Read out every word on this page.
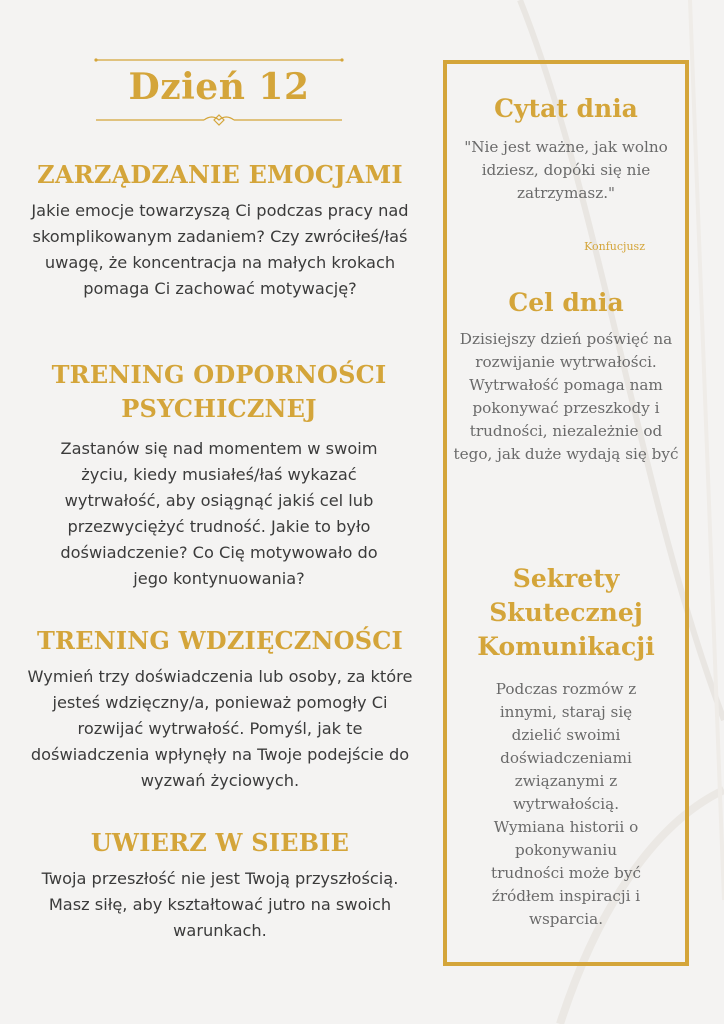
Dzień 12
ZARZĄDZANIE EMOCJAMI

Jakie emocje towarzyszą Ci podczas pracy nad skomplikowanym zadaniem? Czy zwróciłeś/łaś uwagę, że koncentracja na małych krokach pomaga Ci zachować motywację?

TRENING ODPORNOŚCI PSYCHICZNEJ

Zastanów się nad momentem w swoim życiu, kiedy musiałeś/łaś wykazać wytrwałość, aby osiągnąć jakiś cel lub przezwyciężyć trudność. Jakie to było doświadczenie? Co Cię motywowało do jego kontynuowania?

TRENING WDZIĘCZNOŚCI

Wymień trzy doświadczenia lub osoby, za które jesteś wdzięczny/a, ponieważ pomogły Ci rozwijać wytrwałość. Pomyśl, jak te doświadczenia wpłynęły na Twoje podejście do wyzwań życiowych.

UWIERZ W SIEBIE

Twoja przeszłość nie jest Twoją przyszłością. Masz siłę, aby kształtować jutro na swoich warunkach.

Cytat dnia

"Nie jest ważne, jak wolno idziesz, dopóki się nie zatrzymasz."

Konfucjusz
Cel dnia

Dzisiejszy dzień poświęć na rozwijanie wytrwałości. Wytrwałość pomaga nam pokonywać przeszkody i trudności, niezależnie od tego, jak duże wydają się być

Sekrety Skutecznej Komunikacji

Podczas rozmów z innymi, staraj się dzielić swoimi doświadczeniami związanymi z wytrwałością. Wymiana historii o pokonywaniu trudności może być źródłem inspiracji i wsparcia.
